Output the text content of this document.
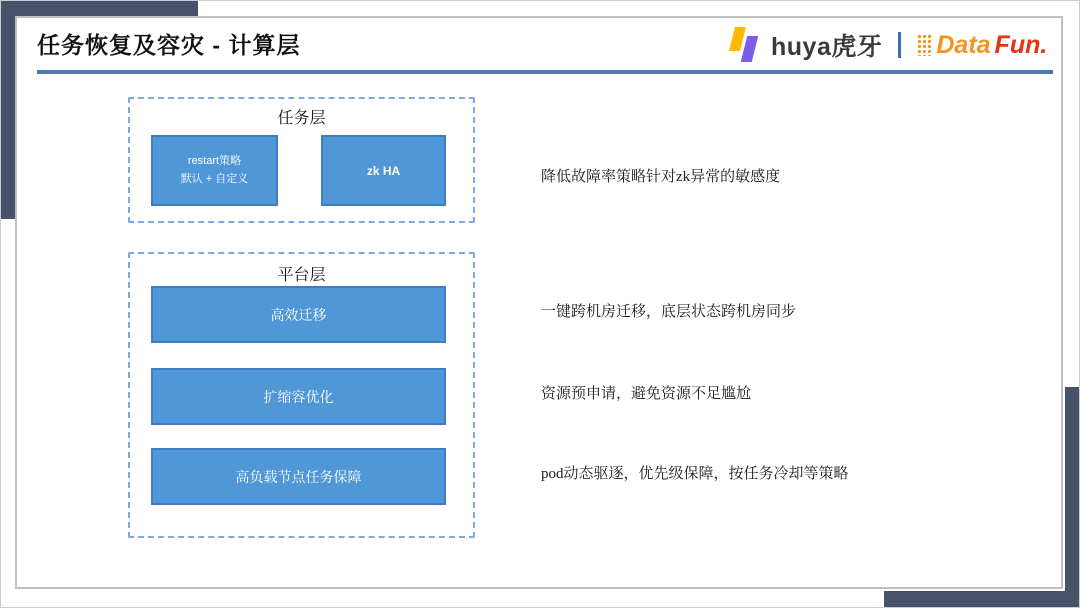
任务恢复及容灾 - 计算层	huya虎牙 Data Fun.
任务层
restart策略
默认 + 自定义
zk HA
平台层
高效迁移
扩缩容优化
高负载节点任务保障
降低故障率策略针对zk异常的敏感度
一键跨机房迁移，底层状态跨机房同步
资源预申请，避免资源不足尴尬
pod动态驱逐，优先级保障，按任务冷却等策略
